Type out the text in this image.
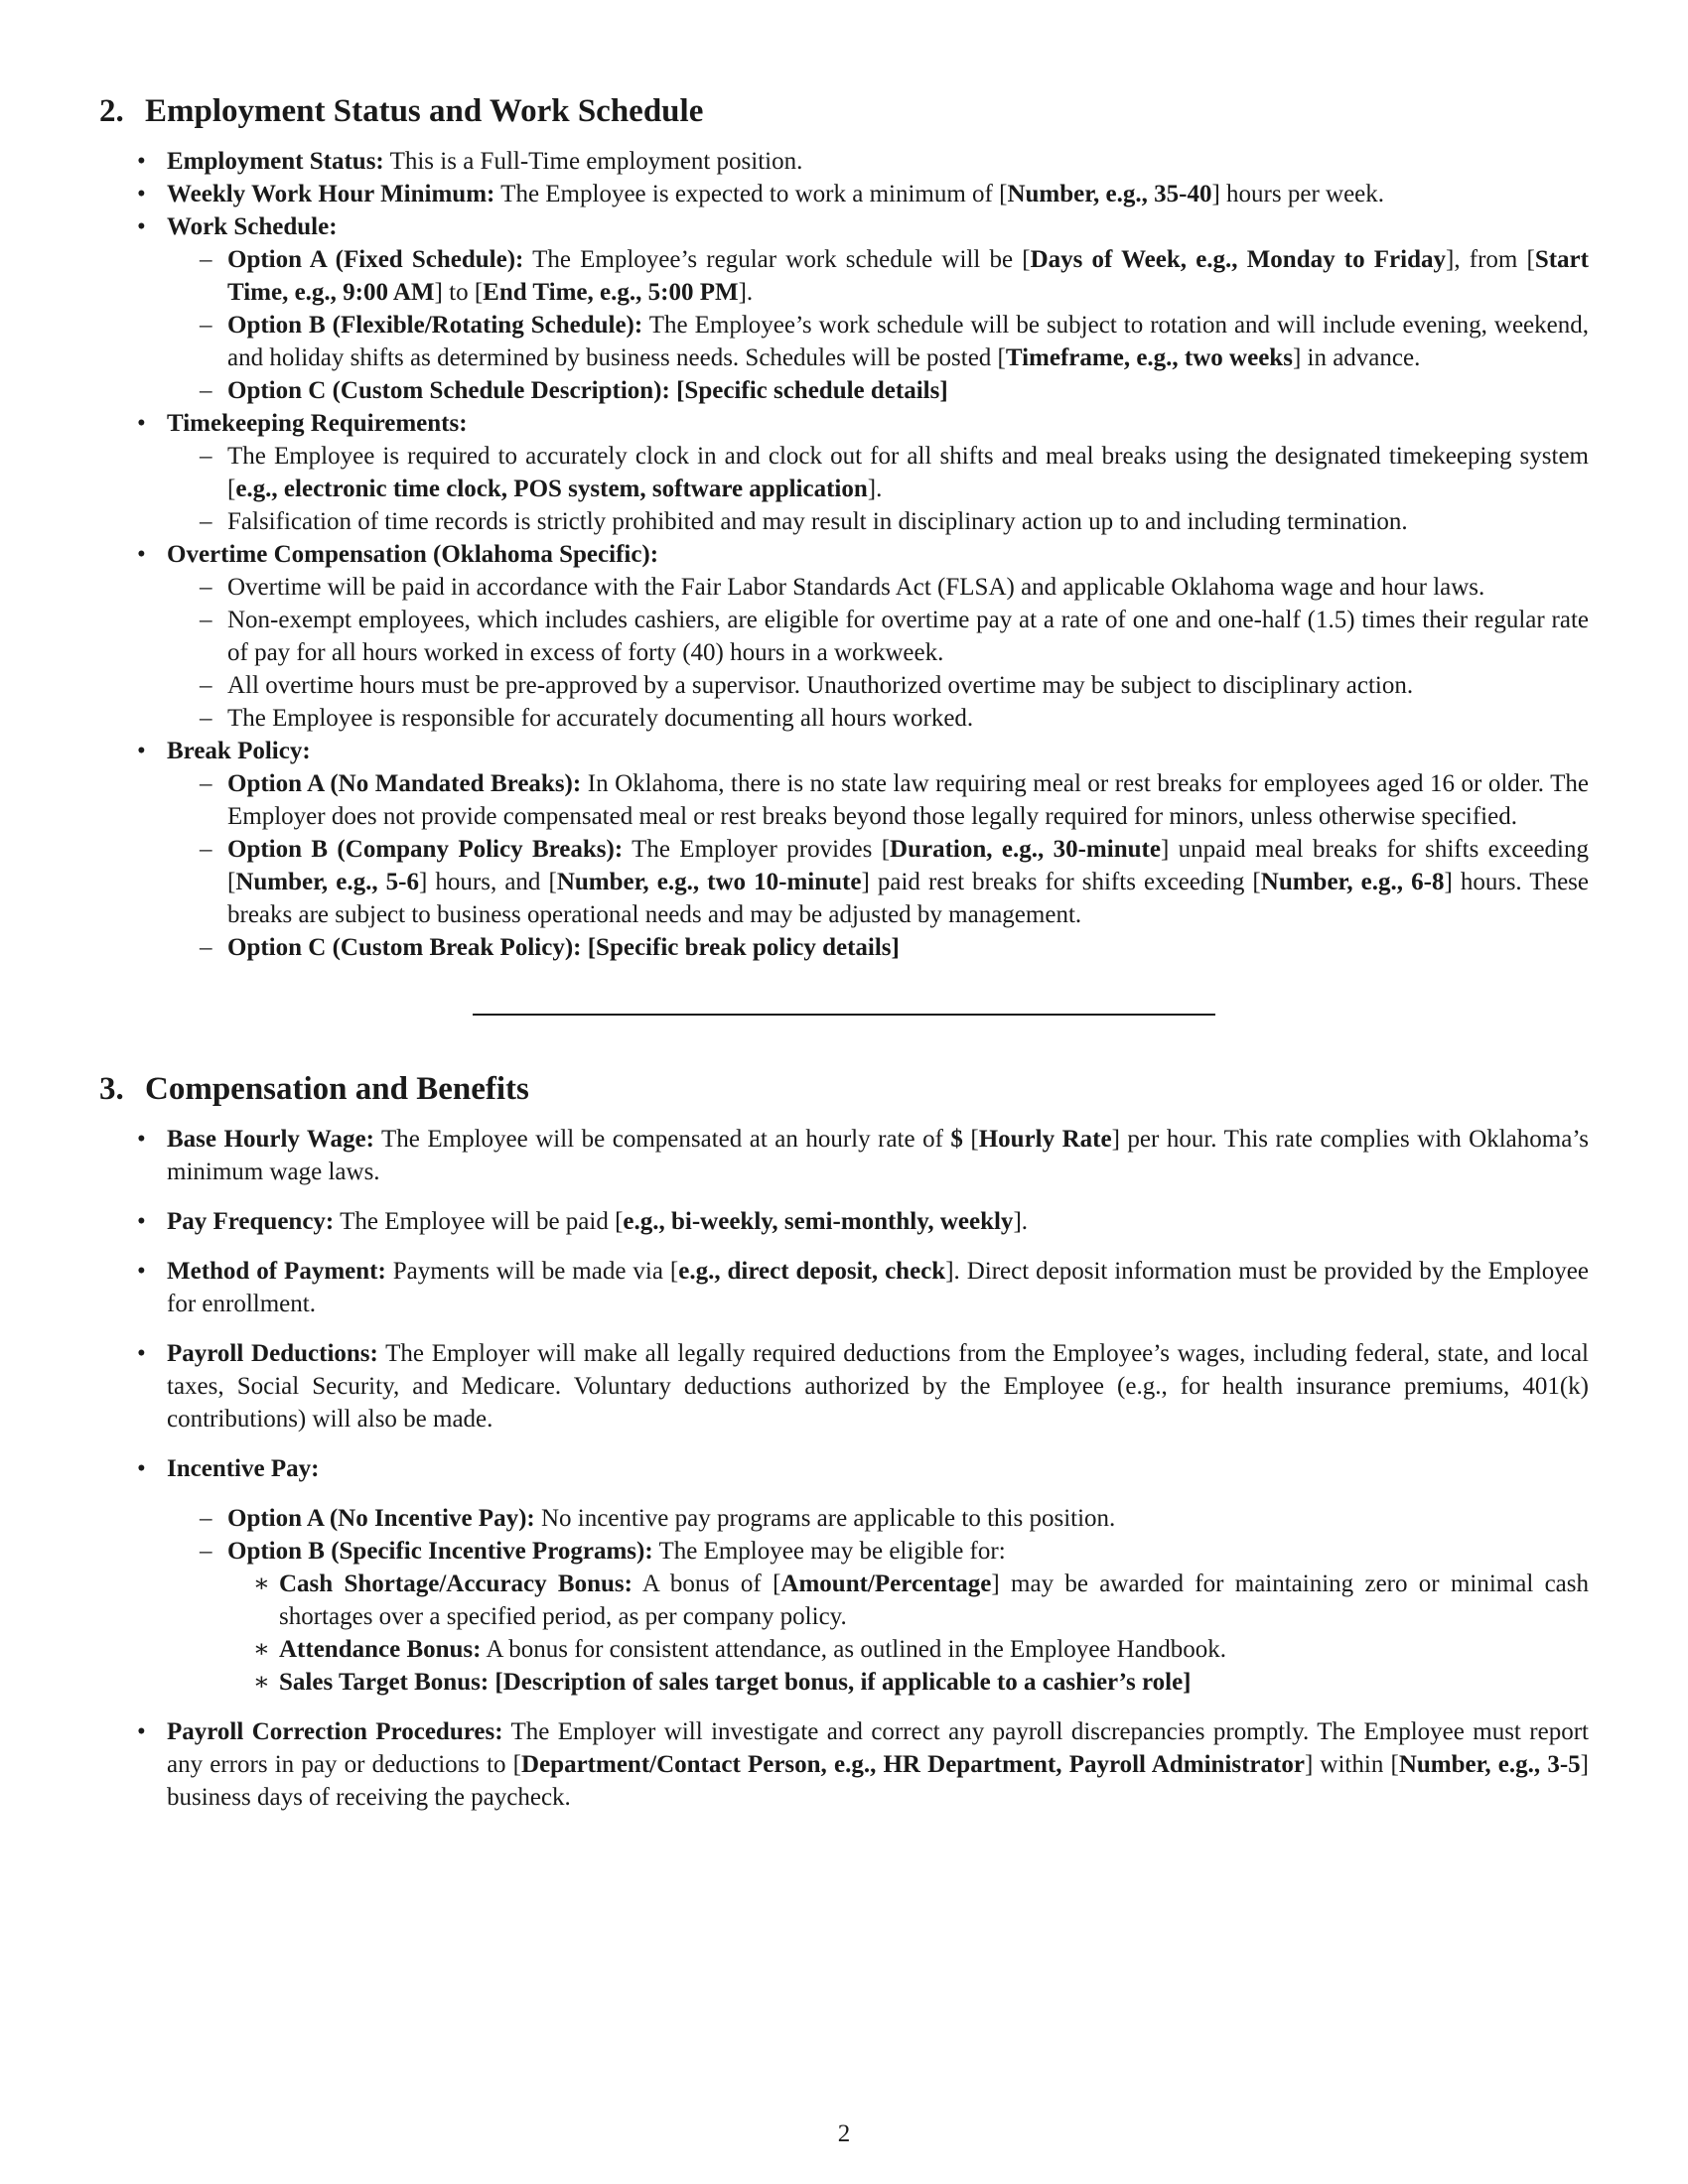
2. Employment Status and Work Schedule
• Employment Status: This is a Full-Time employment position.
• Weekly Work Hour Minimum: The Employee is expected to work a minimum of [Number, e.g., 35-40] hours per week.
• Work Schedule:
– Option A (Fixed Schedule): The Employee’s regular work schedule will be [Days of Week, e.g., Monday to Friday], from [Start Time, e.g., 9:00 AM] to [End Time, e.g., 5:00 PM].
– Option B (Flexible/Rotating Schedule): The Employee’s work schedule will be subject to rotation and will include evening, weekend, and holiday shifts as determined by business needs. Schedules will be posted [Timeframe, e.g., two weeks] in advance.
– Option C (Custom Schedule Description): [Specific schedule details]
• Timekeeping Requirements:
– The Employee is required to accurately clock in and clock out for all shifts and meal breaks using the designated timekeeping system [e.g., electronic time clock, POS system, software application].
– Falsification of time records is strictly prohibited and may result in disciplinary action up to and including termination.
• Overtime Compensation (Oklahoma Specific):
– Overtime will be paid in accordance with the Fair Labor Standards Act (FLSA) and applicable Oklahoma wage and hour laws.
– Non-exempt employees, which includes cashiers, are eligible for overtime pay at a rate of one and one-half (1.5) times their regular rate of pay for all hours worked in excess of forty (40) hours in a workweek.
– All overtime hours must be pre-approved by a supervisor. Unauthorized overtime may be subject to disciplinary action.
– The Employee is responsible for accurately documenting all hours worked.
• Break Policy:
– Option A (No Mandated Breaks): In Oklahoma, there is no state law requiring meal or rest breaks for employees aged 16 or older. The Employer does not provide compensated meal or rest breaks beyond those legally required for minors, unless otherwise specified.
– Option B (Company Policy Breaks): The Employer provides [Duration, e.g., 30-minute] unpaid meal breaks for shifts exceeding [Number, e.g., 5-6] hours, and [Number, e.g., two 10-minute] paid rest breaks for shifts exceeding [Number, e.g., 6-8] hours. These breaks are subject to business operational needs and may be adjusted by management.
– Option C (Custom Break Policy): [Specific break policy details]
3. Compensation and Benefits
• Base Hourly Wage: The Employee will be compensated at an hourly rate of $ [Hourly Rate] per hour. This rate complies with Oklahoma’s minimum wage laws.
• Pay Frequency: The Employee will be paid [e.g., bi-weekly, semi-monthly, weekly].
• Method of Payment: Payments will be made via [e.g., direct deposit, check]. Direct deposit information must be provided by the Employee for enrollment.
• Payroll Deductions: The Employer will make all legally required deductions from the Employee’s wages, including federal, state, and local taxes, Social Security, and Medicare. Voluntary deductions authorized by the Employee (e.g., for health insurance premiums, 401(k) contributions) will also be made.
• Incentive Pay:
– Option A (No Incentive Pay): No incentive pay programs are applicable to this position.
– Option B (Specific Incentive Programs): The Employee may be eligible for:
∗ Cash Shortage/Accuracy Bonus: A bonus of [Amount/Percentage] may be awarded for maintaining zero or minimal cash shortages over a specified period, as per company policy.
∗ Attendance Bonus: A bonus for consistent attendance, as outlined in the Employee Handbook.
∗ Sales Target Bonus: [Description of sales target bonus, if applicable to a cashier’s role]
• Payroll Correction Procedures: The Employer will investigate and correct any payroll discrepancies promptly. The Employee must report any errors in pay or deductions to [Department/Contact Person, e.g., HR Department, Payroll Administrator] within [Number, e.g., 3-5] business days of receiving the paycheck.
2
